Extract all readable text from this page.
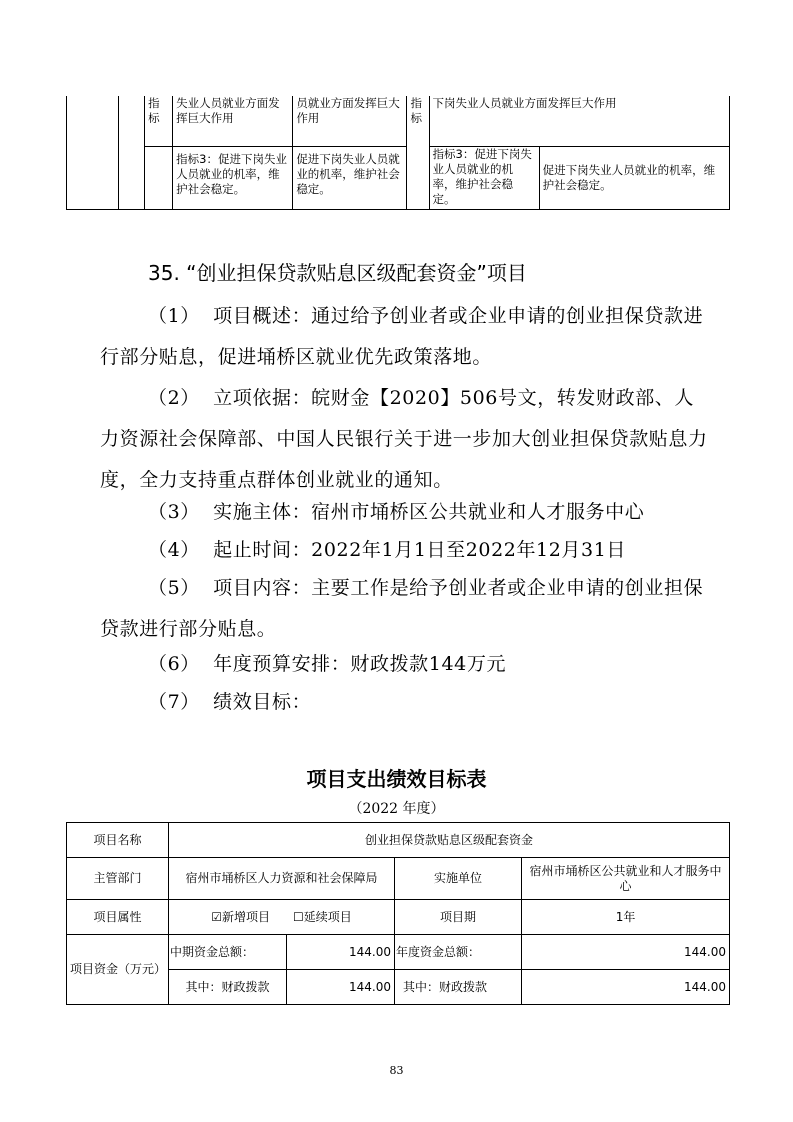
		指标	失业人员就业方面发挥巨大作用	员就业方面发挥巨大作用	指标	下岗失业人员就业方面发挥巨大作用	
			指标3：促进下岗失业人员就业的机率，维护社会稳定。	促进下岗失业人员就业的机率，维护社会稳定。		指标3：促进下岗失业人员就业的机率，维护社会稳定。	促进下岗失业人员就业的机率，维护社会稳定。
35. “创业担保贷款贴息区级配套资金”项目
（1） 项目概述：通过给予创业者或企业申请的创业担保贷款进行部分贴息，促进埇桥区就业优先政策落地。
（2） 立项依据：皖财金【2020】506号文，转发财政部、人力资源社会保障部、中国人民银行关于进一步加大创业担保贷款贴息力度，全力支持重点群体创业就业的通知。
（3） 实施主体：宿州市埇桥区公共就业和人才服务中心
（4） 起止时间：2022年1月1日至2022年12月31日
（5） 项目内容：主要工作是给予创业者或企业申请的创业担保贷款进行部分贴息。
（6） 年度预算安排：财政拨款144万元
（7） 绩效目标：
项目支出绩效目标表
（2022 年度）
项目名称	创业担保贷款贴息区级配套资金			
主管部门	宿州市埇桥区人力资源和社会保障局		实施单位	宿州市埇桥区公共就业和人才服务中心
项目属性	☑新增项目 ☐延续项目		项目期	1年
项目资金（万元）	中期资金总额：	144.00	年度资金总额：	144.00
	其中：财政拨款	144.00	其中：财政拨款	144.00
83
